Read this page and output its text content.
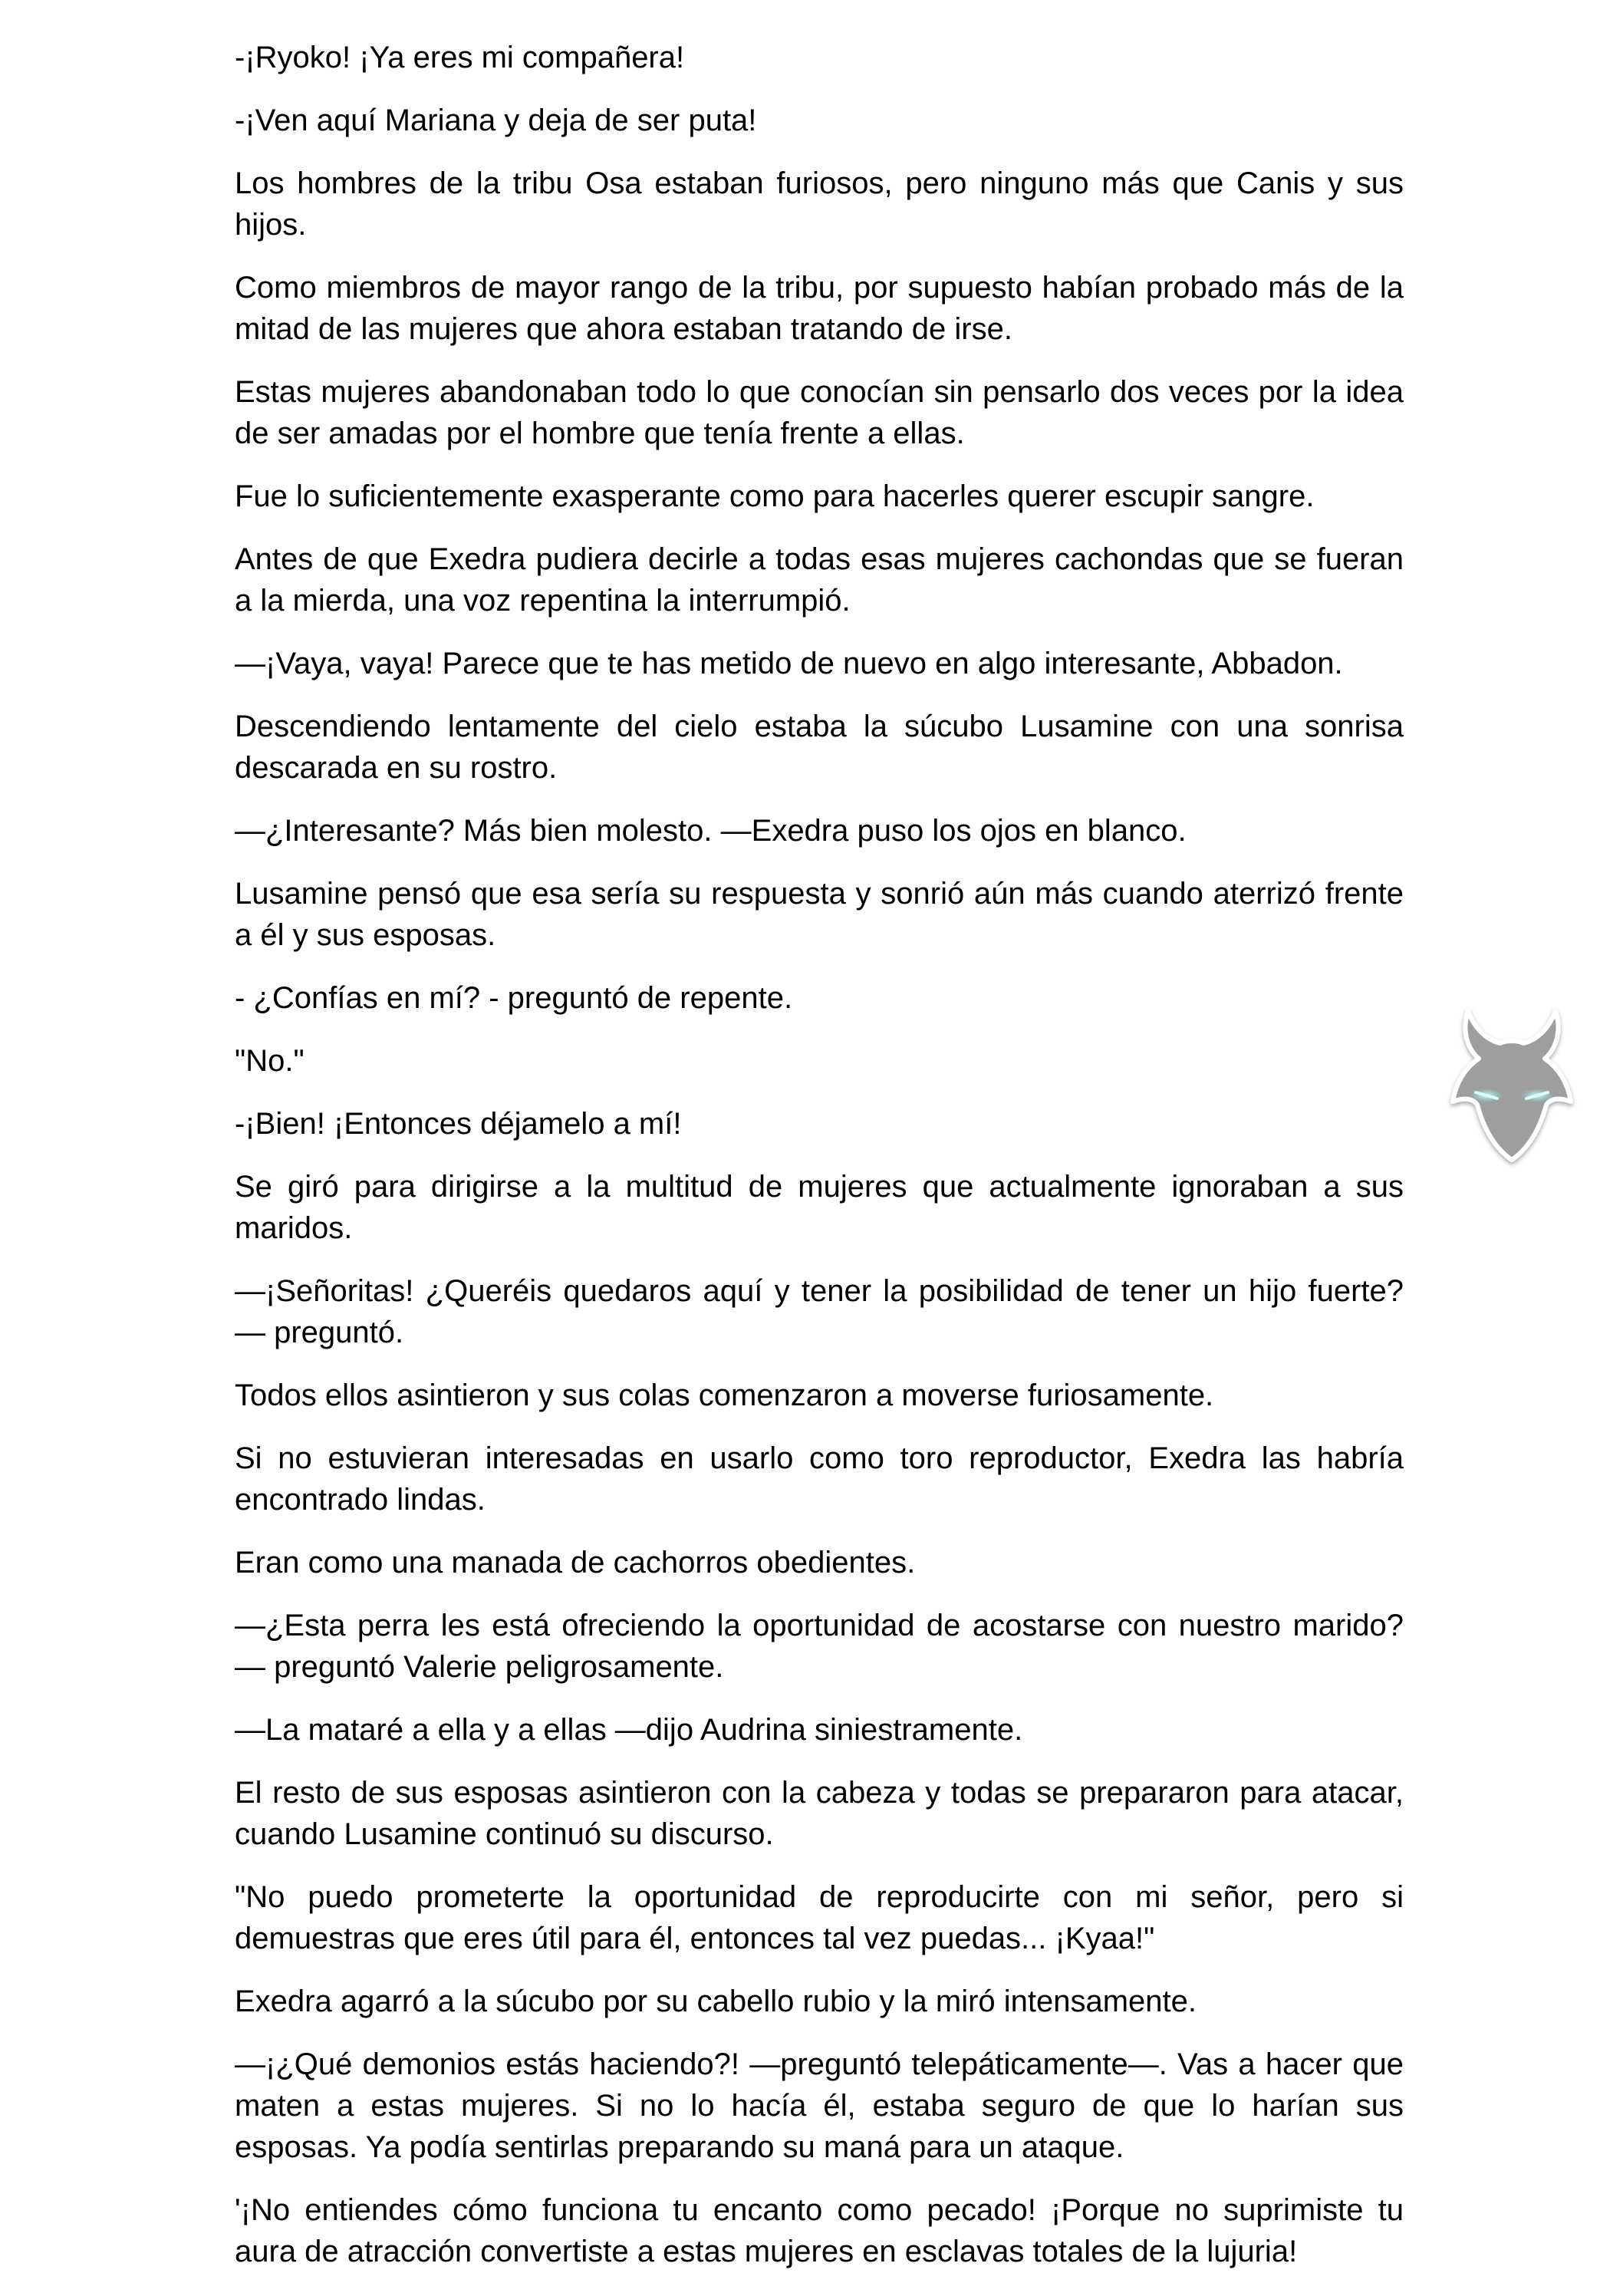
-¡Ryoko! ¡Ya eres mi compañera!

-¡Ven aquí Mariana y deja de ser puta!

Los hombres de la tribu Osa estaban furiosos, pero ninguno más que Canis y sus hijos.

Como miembros de mayor rango de la tribu, por supuesto habían probado más de la mitad de las mujeres que ahora estaban tratando de irse.

Estas mujeres abandonaban todo lo que conocían sin pensarlo dos veces por la idea de ser amadas por el hombre que tenía frente a ellas.

Fue lo suficientemente exasperante como para hacerles querer escupir sangre.

Antes de que Exedra pudiera decirle a todas esas mujeres cachondas que se fueran a la mierda, una voz repentina la interrumpió.

—¡Vaya, vaya! Parece que te has metido de nuevo en algo interesante, Abbadon.

Descendiendo lentamente del cielo estaba la súcubo Lusamine con una sonrisa descarada en su rostro.

—¿Interesante? Más bien molesto. —Exedra puso los ojos en blanco.

Lusamine pensó que esa sería su respuesta y sonrió aún más cuando aterrizó frente a él y sus esposas.

- ¿Confías en mí? - preguntó de repente.

"No."

-¡Bien! ¡Entonces déjamelo a mí!

Se giró para dirigirse a la multitud de mujeres que actualmente ignoraban a sus maridos.

—¡Señoritas! ¿Queréis quedaros aquí y tener la posibilidad de tener un hijo fuerte? — preguntó.

Todos ellos asintieron y sus colas comenzaron a moverse furiosamente.

Si no estuvieran interesadas en usarlo como toro reproductor, Exedra las habría encontrado lindas.

Eran como una manada de cachorros obedientes.

—¿Esta perra les está ofreciendo la oportunidad de acostarse con nuestro marido? — preguntó Valerie peligrosamente.

—La mataré a ella y a ellas —dijo Audrina siniestramente.

El resto de sus esposas asintieron con la cabeza y todas se prepararon para atacar, cuando Lusamine continuó su discurso.

"No puedo prometerte la oportunidad de reproducirte con mi señor, pero si demuestras que eres útil para él, entonces tal vez puedas... ¡Kyaa!"

Exedra agarró a la súcubo por su cabello rubio y la miró intensamente.

—¡¿Qué demonios estás haciendo?! —preguntó telepáticamente—. Vas a hacer que maten a estas mujeres. Si no lo hacía él, estaba seguro de que lo harían sus esposas. Ya podía sentirlas preparando su maná para un ataque.

'¡No entiendes cómo funciona tu encanto como pecado! ¡Porque no suprimiste tu aura de atracción convertiste a estas mujeres en esclavas totales de la lujuria!
